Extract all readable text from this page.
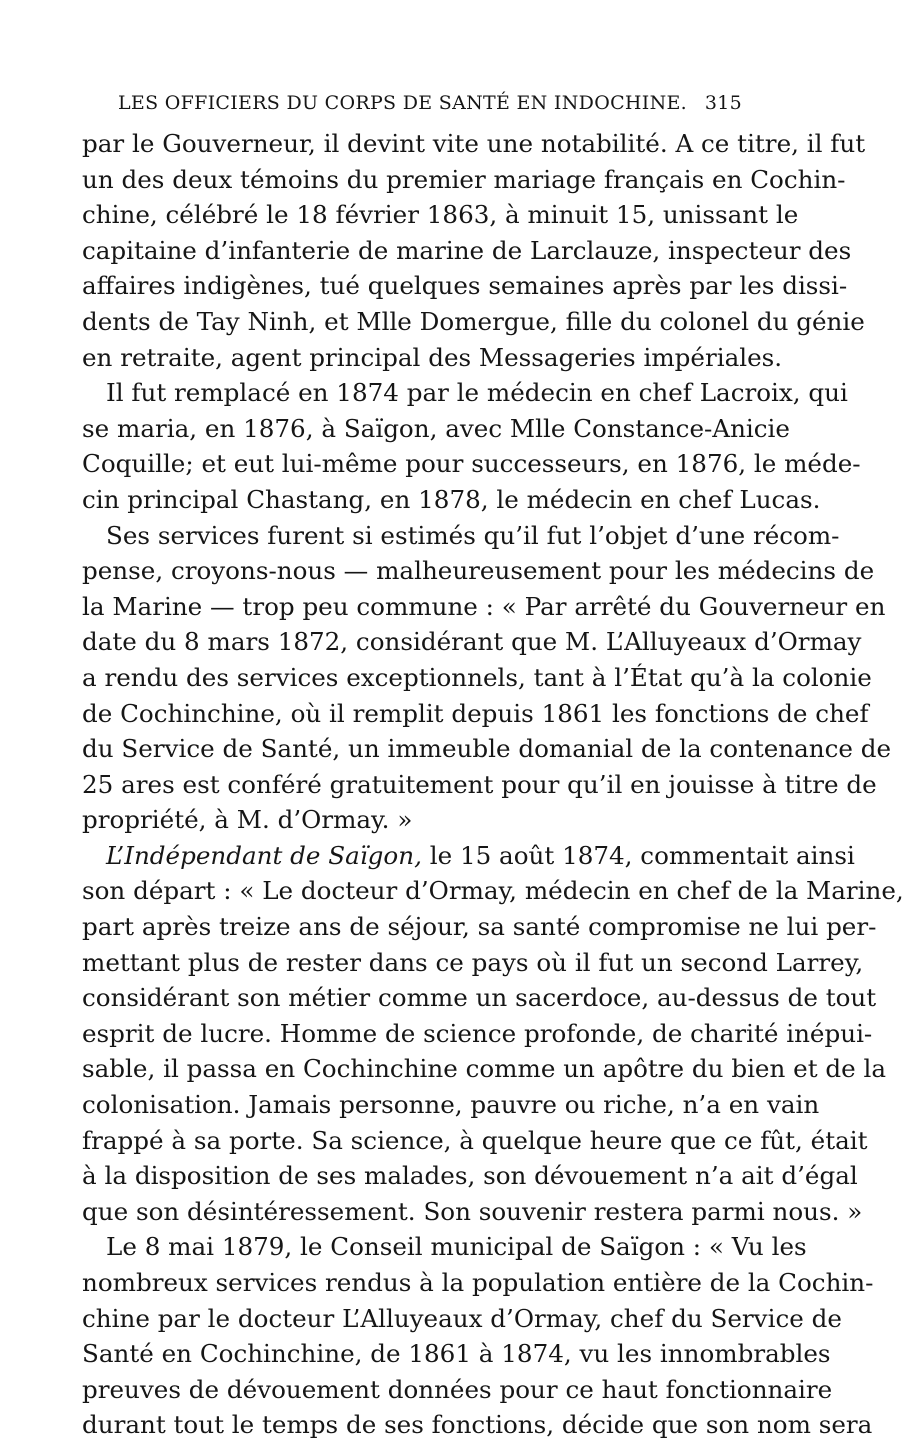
LES OFFICIERS DU CORPS DE SANTÉ EN INDOCHINE. 315
par le Gouverneur, il devint vite une notabilité. A ce titre, il fut
un des deux témoins du premier mariage français en Cochin-
chine, célébré le 18 février 1863, à minuit 15, unissant le
capitaine d’infanterie de marine de Larclauze, inspecteur des
affaires indigènes, tué quelques semaines après par les dissi-
dents de Tay Ninh, et Mlle Domergue, fille du colonel du génie
en retraite, agent principal des Messageries impériales.
Il fut remplacé en 1874 par le médecin en chef Lacroix, qui
se maria, en 1876, à Saïgon, avec Mlle Constance-Anicie
Coquille; et eut lui-même pour successeurs, en 1876, le méde-
cin principal Chastang, en 1878, le médecin en chef Lucas.
Ses services furent si estimés qu’il fut l’objet d’une récom-
pense, croyons-nous — malheureusement pour les médecins de
la Marine — trop peu commune : « Par arrêté du Gouverneur en
date du 8 mars 1872, considérant que M. L’Alluyeaux d’Ormay
a rendu des services exceptionnels, tant à l’État qu’à la colonie
de Cochinchine, où il remplit depuis 1861 les fonctions de chef
du Service de Santé, un immeuble domanial de la contenance de
25 ares est conféré gratuitement pour qu’il en jouisse à titre de
propriété, à M. d’Ormay. »
L’Indépendant de Saïgon, le 15 août 1874, commentait ainsi
son départ : « Le docteur d’Ormay, médecin en chef de la Marine,
part après treize ans de séjour, sa santé compromise ne lui per-
mettant plus de rester dans ce pays où il fut un second Larrey,
considérant son métier comme un sacerdoce, au-dessus de tout
esprit de lucre. Homme de science profonde, de charité inépui-
sable, il passa en Cochinchine comme un apôtre du bien et de la
colonisation. Jamais personne, pauvre ou riche, n’a en vain
frappé à sa porte. Sa science, à quelque heure que ce fût, était
à la disposition de ses malades, son dévouement n’a ait d’égal
que son désintéressement. Son souvenir restera parmi nous. »
Le 8 mai 1879, le Conseil municipal de Saïgon : « Vu les
nombreux services rendus à la population entière de la Cochin-
chine par le docteur L’Alluyeaux d’Ormay, chef du Service de
Santé en Cochinchine, de 1861 à 1874, vu les innombrables
preuves de dévouement données pour ce haut fonctionnaire
durant tout le temps de ses fonctions, décide que son nom sera
